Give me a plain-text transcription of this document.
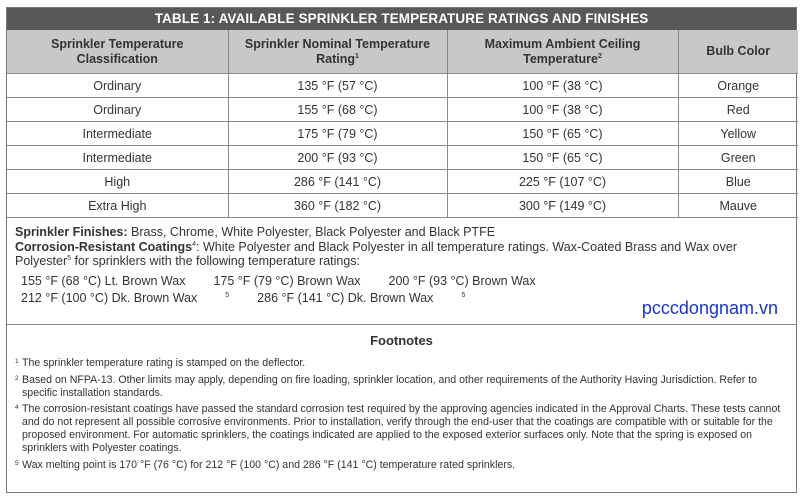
TABLE 1: AVAILABLE SPRINKLER TEMPERATURE RATINGS AND FINISHES
Sprinkler Temperature Classification	Sprinkler Nominal Temperature Rating$^1$	Maximum Ambient Ceiling Temperature$^2$	Bulb Color
Ordinary	135 °F (57 °C)	100 °F (38 °C)	Orange
Ordinary	155 °F (68 °C)	100 °F (38 °C)	Red
Intermediate	175 °F (79 °C)	150 °F (65 °C)	Yellow
Intermediate	200 °F (93 °C)	150 °F (65 °C)	Green
High	286 °F (141 °C)	225 °F (107 °C)	Blue
Extra High	360 °F (182 °C)	300 °F (149 °C)	Mauve
Sprinkler Finishes: Brass, Chrome, White Polyester, Black Polyester and Black PTFE
Corrosion-Resistant Coatings$^4$: White Polyester and Black Polyester in all temperature ratings. Wax-Coated Brass and Wax over
Polyester$^5$ for sprinklers with the following temperature ratings:
155 °F (68 °C) Lt. Brown Wax 175 °F (79 °C) Brown Wax 200 °F (93 °C) Brown Wax
212 °F (100 °C) Dk. Brown Wax	$^5$ 286 °F (141 °C) Dk. Brown Wax	$^5$
pcccdongnam.vn
Footnotes
1 The sprinkler temperature rating is stamped on the deflector.
2 Based on NFPA-13. Other limits may apply, depending on fire loading, sprinkler location, and other requirements of the Authority Having Jurisdiction. Refer to specific installation standards.
4 The corrosion-resistant coatings have passed the standard corrosion test required by the approving agencies indicated in the Approval Charts. These tests cannot and do not represent all possible corrosive environments. Prior to installation, verify through the end-user that the coatings are compatible with or suitable for the proposed environment. For automatic sprinklers, the coatings indicated are applied to the exposed exterior surfaces only. Note that the spring is exposed on sprinklers with Polyester coatings.
5 Wax melting point is 170 °F (76 °C) for 212 °F (100 °C) and 286 °F (141 °C) temperature rated sprinklers.
